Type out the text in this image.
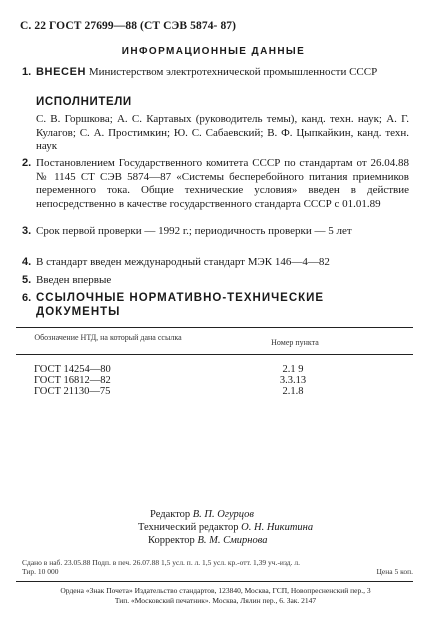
С. 22 ГОСТ 27699—88 (СТ СЭВ 5874- 87)
ИНФОРМАЦИОННЫЕ ДАННЫЕ
1. ВНЕСЕН Министерством электротехнической промышленности СССР
ИСПОЛНИТЕЛИ
С. В. Горшкова; А. С. Картавых (руководитель темы), канд. техн. наук; А. Г. Кулагов; С. А. Простимкин; Ю. С. Сабаевский; В. Ф. Цыпкайкин, канд. техн. наук
2. Постановлением Государственного комитета СССР по стандартам от 26.04.88 № 1145 СТ СЭВ 5874—87 «Системы бесперебойного питания приемников переменного тока. Общие технические условия» введен в действие непосредственно в качестве государственного стандарта СССР с 01.01.89
3. Срок первой проверки — 1992 г.; периодичность проверки — 5 лет
4. В стандарт введен международный стандарт МЭК 146—4—82
5. Введен впервые
6. ССЫЛОЧНЫЕ НОРМАТИВНО-ТЕХНИЧЕСКИЕ ДОКУМЕНТЫ
Обозначение НТД, на который дана ссылка
Номер пункта
ГОСТ 14254—80	2.1 9
ГОСТ 16812—82	3.3.13
ГОСТ 21130—75	2.1.8
Редактор В. П. Огурцов
Технический редактор О. Н. Никитина
Корректор В. М. Смирнова
Сдано в наб. 23.05.88 Подп. в печ. 26.07.88 1,5 усл. п. л. 1,5 усл. кр.-отт. 1,39 уч.-изд. л.
Тир. 10 000	Цена 5 коп.
Ордена «Знак Почета» Издательство стандартов, 123840, Москва, ГСП, Новопресненский пер., 3
Тип. «Московский печатник». Москва, Лялин пер., 6. Зак. 2147
